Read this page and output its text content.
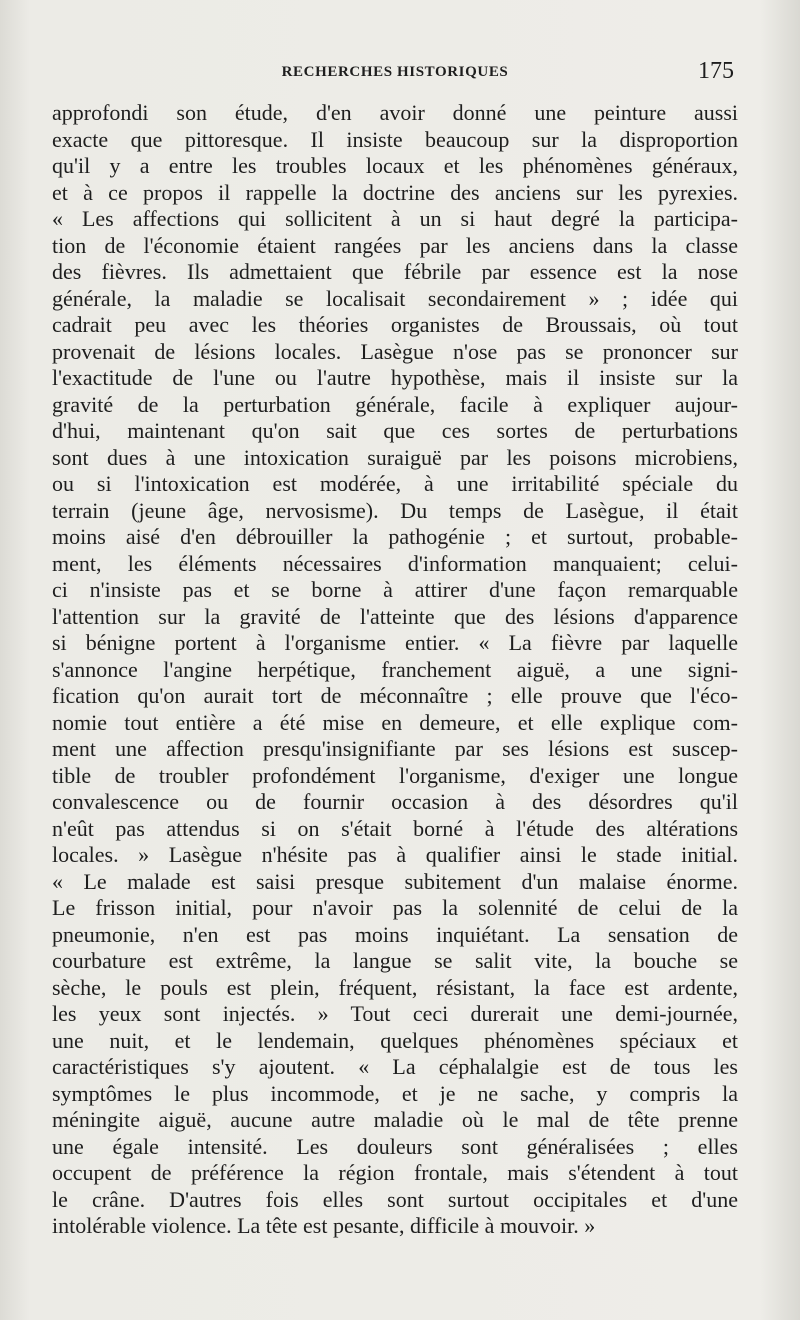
RECHERCHES HISTORIQUES	175
approfondi son étude, d'en avoir donné une peinture aussi
exacte que pittoresque. Il insiste beaucoup sur la disproportion
qu'il y a entre les troubles locaux et les phénomènes généraux,
et à ce propos il rappelle la doctrine des anciens sur les pyrexies.
« Les affections qui sollicitent à un si haut degré la participa-
tion de l'économie étaient rangées par les anciens dans la classe
des fièvres. Ils admettaient que fébrile par essence est la nose
générale, la maladie se localisait secondairement » ; idée qui
cadrait peu avec les théories organistes de Broussais, où tout
provenait de lésions locales. Lasègue n'ose pas se prononcer sur
l'exactitude de l'une ou l'autre hypothèse, mais il insiste sur la
gravité de la perturbation générale, facile à expliquer aujour-
d'hui, maintenant qu'on sait que ces sortes de perturbations
sont dues à une intoxication suraiguë par les poisons microbiens,
ou si l'intoxication est modérée, à une irritabilité spéciale du
terrain (jeune âge, nervosisme). Du temps de Lasègue, il était
moins aisé d'en débrouiller la pathogénie ; et surtout, probable-
ment, les éléments nécessaires d'information manquaient; celui-
ci n'insiste pas et se borne à attirer d'une façon remarquable
l'attention sur la gravité de l'atteinte que des lésions d'apparence
si bénigne portent à l'organisme entier. « La fièvre par laquelle
s'annonce l'angine herpétique, franchement aiguë, a une signi-
fication qu'on aurait tort de méconnaître ; elle prouve que l'éco-
nomie tout entière a été mise en demeure, et elle explique com-
ment une affection presqu'insignifiante par ses lésions est suscep-
tible de troubler profondément l'organisme, d'exiger une longue
convalescence ou de fournir occasion à des désordres qu'il
n'eût pas attendus si on s'était borné à l'étude des altérations
locales. » Lasègue n'hésite pas à qualifier ainsi le stade initial.
« Le malade est saisi presque subitement d'un malaise énorme.
Le frisson initial, pour n'avoir pas la solennité de celui de la
pneumonie, n'en est pas moins inquiétant. La sensation de
courbature est extrême, la langue se salit vite, la bouche se
sèche, le pouls est plein, fréquent, résistant, la face est ardente,
les yeux sont injectés. » Tout ceci durerait une demi-journée,
une nuit, et le lendemain, quelques phénomènes spéciaux et
caractéristiques s'y ajoutent. « La céphalalgie est de tous les
symptômes le plus incommode, et je ne sache, y compris la
méningite aiguë, aucune autre maladie où le mal de tête prenne
une égale intensité. Les douleurs sont généralisées ; elles
occupent de préférence la région frontale, mais s'étendent à tout
le crâne. D'autres fois elles sont surtout occipitales et d'une
intolérable violence. La tête est pesante, difficile à mouvoir. »
